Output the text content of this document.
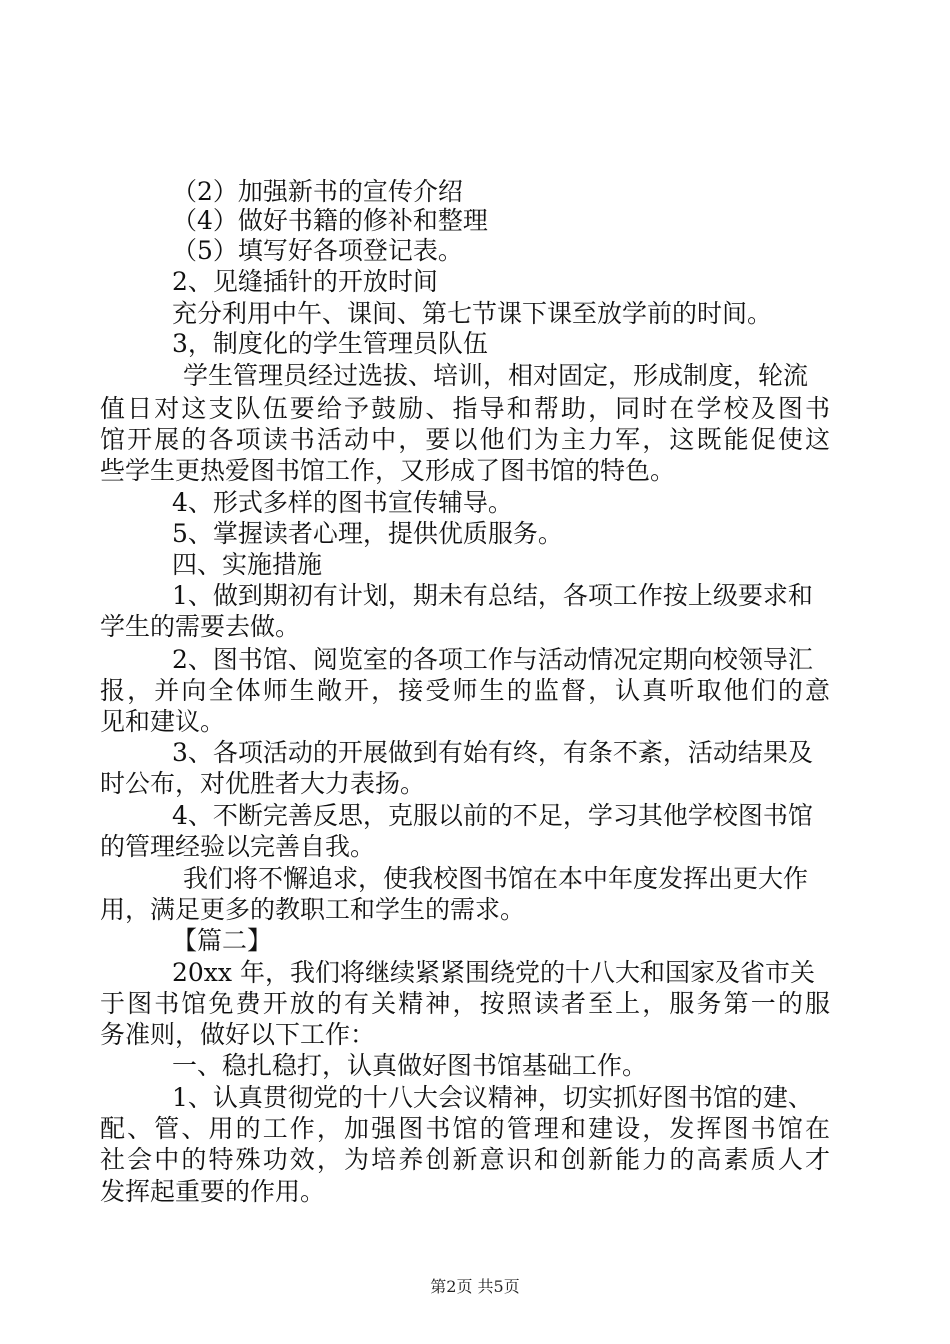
（2）加强新书的宣传介绍
（4）做好书籍的修补和整理
（5）填写好各项登记表。
2、见缝插针的开放时间
充分利用中午、课间、第七节课下课至放学前的时间。
3，制度化的学生管理员队伍
学生管理员经过选拔、培训，相对固定，形成制度，轮流
值日对这支队伍要给予鼓励、指导和帮助，同时在学校及图书
馆开展的各项读书活动中，要以他们为主力军，这既能促使这
些学生更热爱图书馆工作，又形成了图书馆的特色。
4、形式多样的图书宣传辅导。
5、掌握读者心理，提供优质服务。
四、实施措施
1、做到期初有计划，期未有总结，各项工作按上级要求和
学生的需要去做。
2、图书馆、阅览室的各项工作与活动情况定期向校领导汇
报，并向全体师生敞开，接受师生的监督，认真听取他们的意
见和建议。
3、各项活动的开展做到有始有终，有条不紊，活动结果及
时公布，对优胜者大力表扬。
4、不断完善反思，克服以前的不足，学习其他学校图书馆
的管理经验以完善自我。
我们将不懈追求，使我校图书馆在本中年度发挥出更大作
用，满足更多的教职工和学生的需求。
【篇二】
20xx 年，我们将继续紧紧围绕党的十八大和国家及省市关
于图书馆免费开放的有关精神，按照读者至上，服务第一的服
务准则，做好以下工作：
一、稳扎稳打，认真做好图书馆基础工作。
1、认真贯彻党的十八大会议精神，切实抓好图书馆的建、
配、管、用的工作，加强图书馆的管理和建设，发挥图书馆在
社会中的特殊功效，为培养创新意识和创新能力的高素质人才
发挥起重要的作用。
第2页 共5页
